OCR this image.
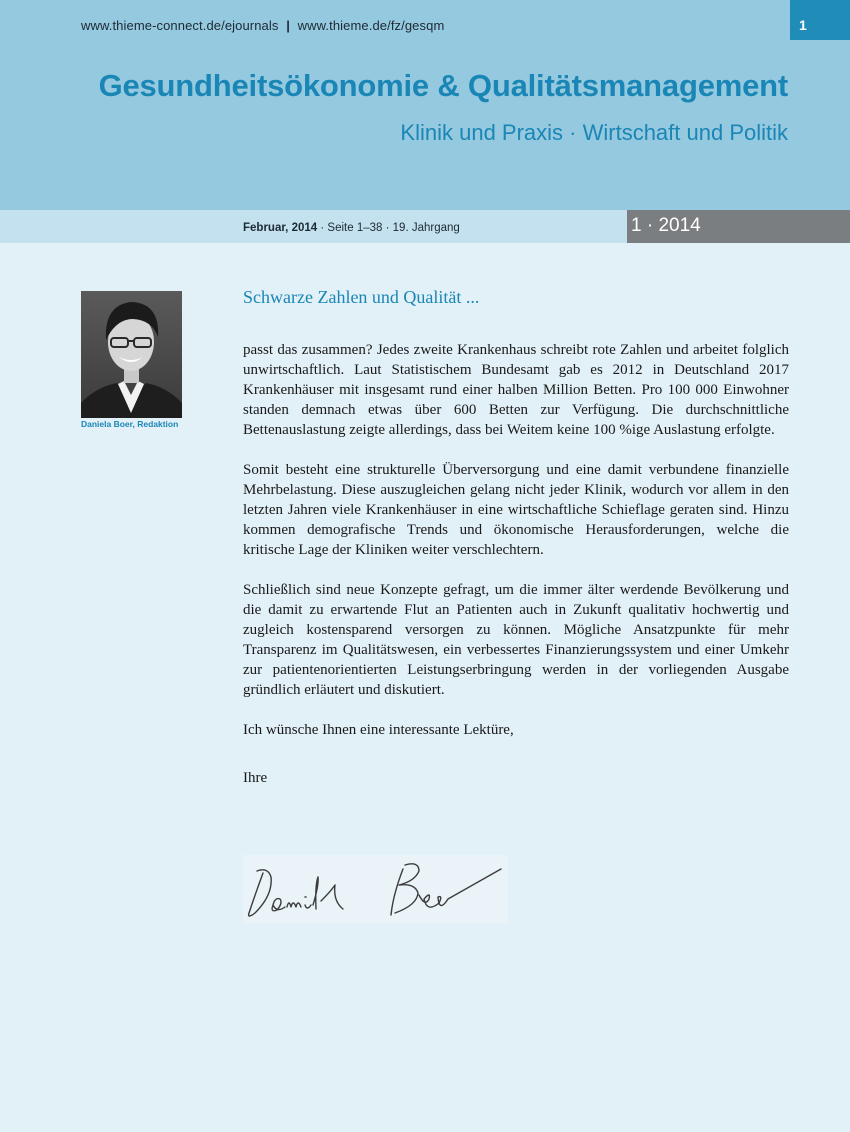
www.thieme-connect.de/ejournals | www.thieme.de/fz/gesqm	1
Gesundheitsökonomie & Qualitätsmanagement
Klinik und Praxis · Wirtschaft und Politik
Februar, 2014 · Seite 1–38 · 19. Jahrgang	1 · 2014
Daniela Boer, Redaktion
Schwarze Zahlen und Qualität ...

passt das zusammen? Jedes zweite Krankenhaus schreibt rote Zahlen und arbeitet folglich unwirtschaftlich. Laut Statistischem Bundesamt gab es 2012 in Deutschland 2017 Krankenhäuser mit insgesamt rund einer halben Million Betten. Pro 100 000 Einwohner standen demnach etwas über 600 Betten zur Verfügung. Die durchschnittliche Bettenauslastung zeigte allerdings, dass bei Weitem keine 100 %ige Auslastung erfolgte.

Somit besteht eine strukturelle Überversorgung und eine damit verbundene finanzielle Mehrbelastung. Diese auszugleichen gelang nicht jeder Klinik, wodurch vor allem in den letzten Jahren viele Krankenhäuser in eine wirtschaftliche Schieflage geraten sind. Hinzu kommen demografische Trends und ökonomische Herausforderungen, welche die kritische Lage der Kliniken weiter verschlechtern.

Schließlich sind neue Konzepte gefragt, um die immer älter werdende Bevölkerung und die damit zu erwartende Flut an Patienten auch in Zukunft qualitativ hochwertig und zugleich kostensparend versorgen zu können. Mögliche Ansatzpunkte für mehr Transparenz im Qualitätswesen, ein verbessertes Finanzierungssystem und einer Umkehr zur patientenorientierten Leistungserbringung werden in der vorliegenden Ausgabe gründlich erläutert und diskutiert.

Ich wünsche Ihnen eine interessante Lektüre,

Ihre
